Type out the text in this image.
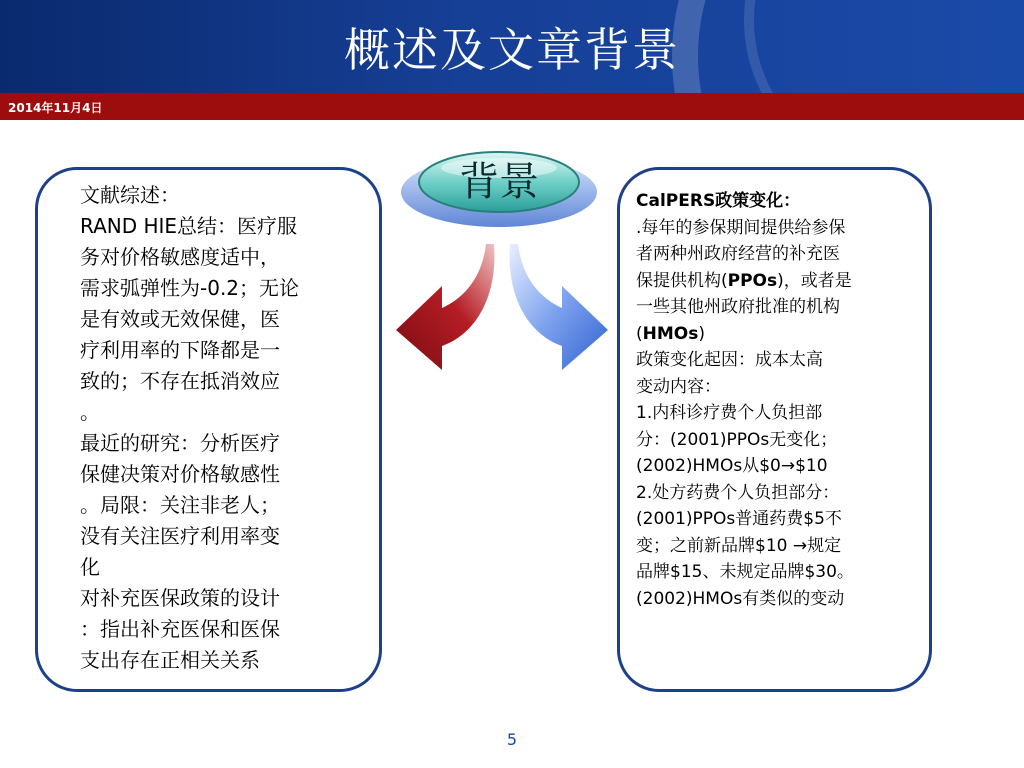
概述及文章背景
2014年11月4日
文献综述：
RAND HIE总结：医疗服
务对价格敏感度适中，
需求弧弹性为-0.2；无论
是有效或无效保健，医
疗利用率的下降都是一
致的；不存在抵消效应
。
最近的研究：分析医疗
保健决策对价格敏感性
。局限：关注非老人；
没有关注医疗利用率变
化
对补充医保政策的设计
：指出补充医保和医保
支出存在正相关关系
CalPERS政策变化：
.每年的参保期间提供给参保
者两种州政府经营的补充医
保提供机构(PPOs)，或者是
一些其他州政府批准的机构
(HMOs)
政策变化起因：成本太高
变动内容：
1.内科诊疗费个人负担部
分：(2001)PPOs无变化；
(2002)HMOs从$0→$10
2.处方药费个人负担部分：
(2001)PPOs普通药费$5不
变；之前新品牌$10 →规定
品牌$15、未规定品牌$30。
(2002)HMOs有类似的变动
背景
5
